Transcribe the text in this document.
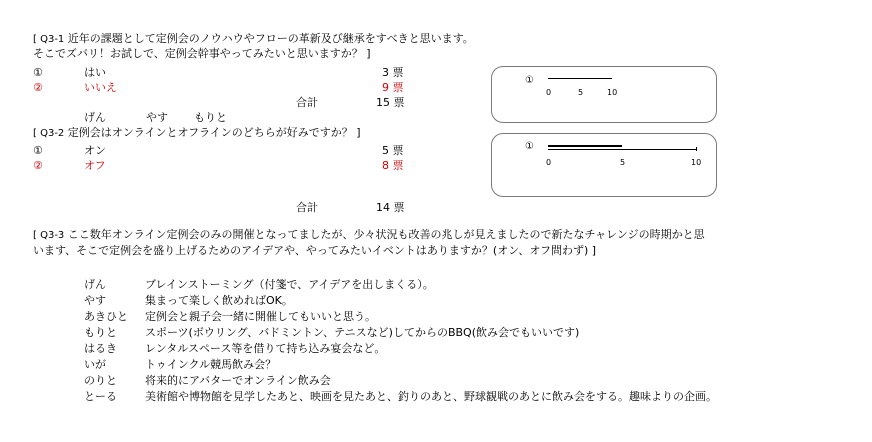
[ Q3-1 近年の課題として定例会のノウハウやフローの革新及び継承をすべきと思います。
そこでズバリ！お試しで、定例会幹事やってみたいと思いますか？ ]
①	はい	3 票
②	いいえ	9 票
合計	15 票
げん	やす もりと
[ Q3-2 定例会はオンラインとオフラインのどちらが好みですか？ ]
①	オン	5 票
②	オフ	8 票
合計	14 票
①
0	5	10
①
0	5	10
[ Q3-3 ここ数年オンライン定例会のみの開催となってましたが、少々状況も改善の兆しが見えましたので新たなチャレンジの時期かと思
います、そこで定例会を盛り上げるためのアイデアや、やってみたいイベントはありますか？(オン、オフ問わず) ]
げん	ブレインストーミング（付箋で、アイデアを出しまくる）。
やす	集まって楽しく飲めればOK。
あきひと 定例会と親子会一緒に開催してもいいと思う。
もりと	スポーツ(ボウリング、バドミントン、テニスなど)してからのBBQ(飲み会でもいいです)
はるき	レンタルスペース等を借りて持ち込み宴会など。
いが	トゥインクル競馬飲み会？
のりと	将来的にアバターでオンライン飲み会
とーる	美術館や博物館を見学したあと、映画を見たあと、釣りのあと、野球観戦のあとに飲み会をする。趣味よりの企画。
